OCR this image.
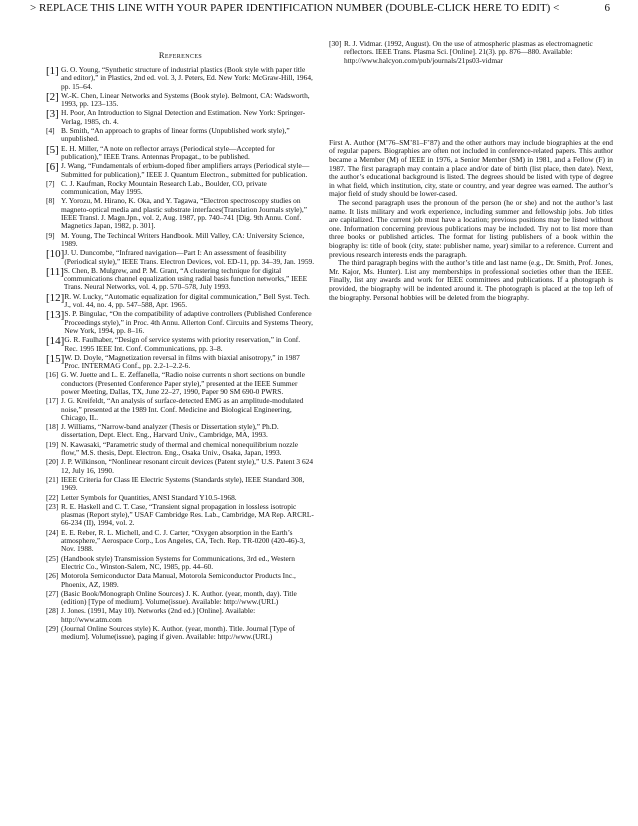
> REPLACE THIS LINE WITH YOUR PAPER IDENTIFICATION NUMBER (DOUBLE-CLICK HERE TO EDIT) <	6
References
[1] G. O. Young, “Synthetic structure of industrial plastics (Book style with paper title and editor),” in Plastics, 2nd ed. vol. 3, J. Peters, Ed. New York: McGraw-Hill, 1964, pp. 15–64.
[2] W.-K. Chen, Linear Networks and Systems (Book style). Belmont, CA: Wadsworth, 1993, pp. 123–135.
[3] H. Poor, An Introduction to Signal Detection and Estimation. New York: Springer-Verlag, 1985, ch. 4.
[4] B. Smith, “An approach to graphs of linear forms (Unpublished work style),” unpublished.
[5] E. H. Miller, “A note on reflector arrays (Periodical style—Accepted for publication),” IEEE Trans. Antennas Propagat., to be published.
[6] J. Wang, “Fundamentals of erbium-doped fiber amplifiers arrays (Periodical style—Submitted for publication),” IEEE J. Quantum Electron., submitted for publication.
[7] C. J. Kaufman, Rocky Mountain Research Lab., Boulder, CO, private communication, May 1995.
[8] Y. Yorozu, M. Hirano, K. Oka, and Y. Tagawa, “Electron spectroscopy studies on magneto-optical media and plastic substrate interfaces(Translation Journals style),” IEEE Transl. J. Magn.Jpn., vol. 2, Aug. 1987, pp. 740–741 [Dig. 9th Annu. Conf. Magnetics Japan, 1982, p. 301].
[9] M. Young, The Techincal Writers Handbook. Mill Valley, CA: University Science, 1989.
[10] J. U. Duncombe, “Infrared navigation—Part I: An assessment of feasibility (Periodical style),” IEEE Trans. Electron Devices, vol. ED-11, pp. 34–39, Jan. 1959.
[11] S. Chen, B. Mulgrew, and P. M. Grant, “A clustering technique for digital communications channel equalization using radial basis function networks,” IEEE Trans. Neural Networks, vol. 4, pp. 570–578, July 1993.
[12] R. W. Lucky, “Automatic equalization for digital communication,” Bell Syst. Tech. J., vol. 44, no. 4, pp. 547–588, Apr. 1965.
[13] S. P. Bingulac, “On the compatibility of adaptive controllers (Published Conference Proceedings style),” in Proc. 4th Annu. Allerton Conf. Circuits and Systems Theory, New York, 1994, pp. 8–16.
[14] G. R. Faulhaber, “Design of service systems with priority reservation,” in Conf. Rec. 1995 IEEE Int. Conf. Communications, pp. 3–8.
[15] W. D. Doyle, “Magnetization reversal in films with biaxial anisotropy,” in 1987 Proc. INTERMAG Conf., pp. 2.2-1–2.2-6.
[16] G. W. Juette and L. E. Zeffanella, “Radio noise currents n short sections on bundle conductors (Presented Conference Paper style),” presented at the IEEE Summer power Meeting, Dallas, TX, June 22–27, 1990, Paper 90 SM 690-0 PWRS.
[17] J. G. Kreifeldt, “An analysis of surface-detected EMG as an amplitude-modulated noise,” presented at the 1989 Int. Conf. Medicine and Biological Engineering, Chicago, IL.
[18] J. Williams, “Narrow-band analyzer (Thesis or Dissertation style),” Ph.D. dissertation, Dept. Elect. Eng., Harvard Univ., Cambridge, MA, 1993.
[19] N. Kawasaki, “Parametric study of thermal and chemical nonequilibrium nozzle flow,” M.S. thesis, Dept. Electron. Eng., Osaka Univ., Osaka, Japan, 1993.
[20] J. P. Wilkinson, “Nonlinear resonant circuit devices (Patent style),” U.S. Patent 3 624 12, July 16, 1990.
[21] IEEE Criteria for Class IE Electric Systems (Standards style), IEEE Standard 308, 1969.
[22] Letter Symbols for Quantities, ANSI Standard Y10.5-1968.
[23] R. E. Haskell and C. T. Case, “Transient signal propagation in lossless isotropic plasmas (Report style),” USAF Cambridge Res. Lab., Cambridge, MA Rep. ARCRL-66-234 (II), 1994, vol. 2.
[24] E. E. Reber, R. L. Michell, and C. J. Carter, “Oxygen absorption in the Earth’s atmosphere,” Aerospace Corp., Los Angeles, CA, Tech. Rep. TR-0200 (420-46)-3, Nov. 1988.
[25] (Handbook style) Transmission Systems for Communications, 3rd ed., Western Electric Co., Winston-Salem, NC, 1985, pp. 44–60.
[26] Motorola Semiconductor Data Manual, Motorola Semiconductor Products Inc., Phoenix, AZ, 1989.
[27] (Basic Book/Monograph Online Sources) J. K. Author. (year, month, day). Title (edition) [Type of medium]. Volume(issue). Available: http://www.(URL)
[28] J. Jones. (1991, May 10). Networks (2nd ed.) [Online]. Available: http://www.atm.com
[29] (Journal Online Sources style) K. Author. (year, month). Title. Journal [Type of medium]. Volume(issue), paging if given. Available: http://www.(URL)
[30] R. J. Vidmar. (1992, August). On the use of atmospheric plasmas as electromagnetic reflectors. IEEE Trans. Plasma Sci. [Online]. 21(3). pp. 876—880. Available: http://www.halcyon.com/pub/journals/21ps03-vidmar

First A. Author (M’76–SM’81–F’87) and the other authors may include biographies at the end of regular papers. Biographies are often not included in conference-related papers. This author became a Member (M) of IEEE in 1976, a Senior Member (SM) in 1981, and a Fellow (F) in 1987. The first paragraph may contain a place and/or date of birth (list place, then date). Next, the author’s educational background is listed. The degrees should be listed with type of degree in what field, which institution, city, state or country, and year degree was earned. The author’s major field of study should be lower-cased.

The second paragraph uses the pronoun of the person (he or she) and not the author’s last name. It lists military and work experience, including summer and fellowship jobs. Job titles are capitalized. The current job must have a location; previous positions may be listed without one. Information concerning previous publications may be included. Try not to list more than three books or published articles. The format for listing publishers of a book within the biography is: title of book (city, state: publisher name, year) similar to a reference. Current and previous research interests ends the paragraph.

The third paragraph begins with the author’s title and last name (e.g., Dr. Smith, Prof. Jones, Mr. Kajor, Ms. Hunter). List any memberships in professional societies other than the IEEE. Finally, list any awards and work for IEEE committees and publications. If a photograph is provided, the biography will be indented around it. The photograph is placed at the top left of the biography. Personal hobbies will be deleted from the biography.
